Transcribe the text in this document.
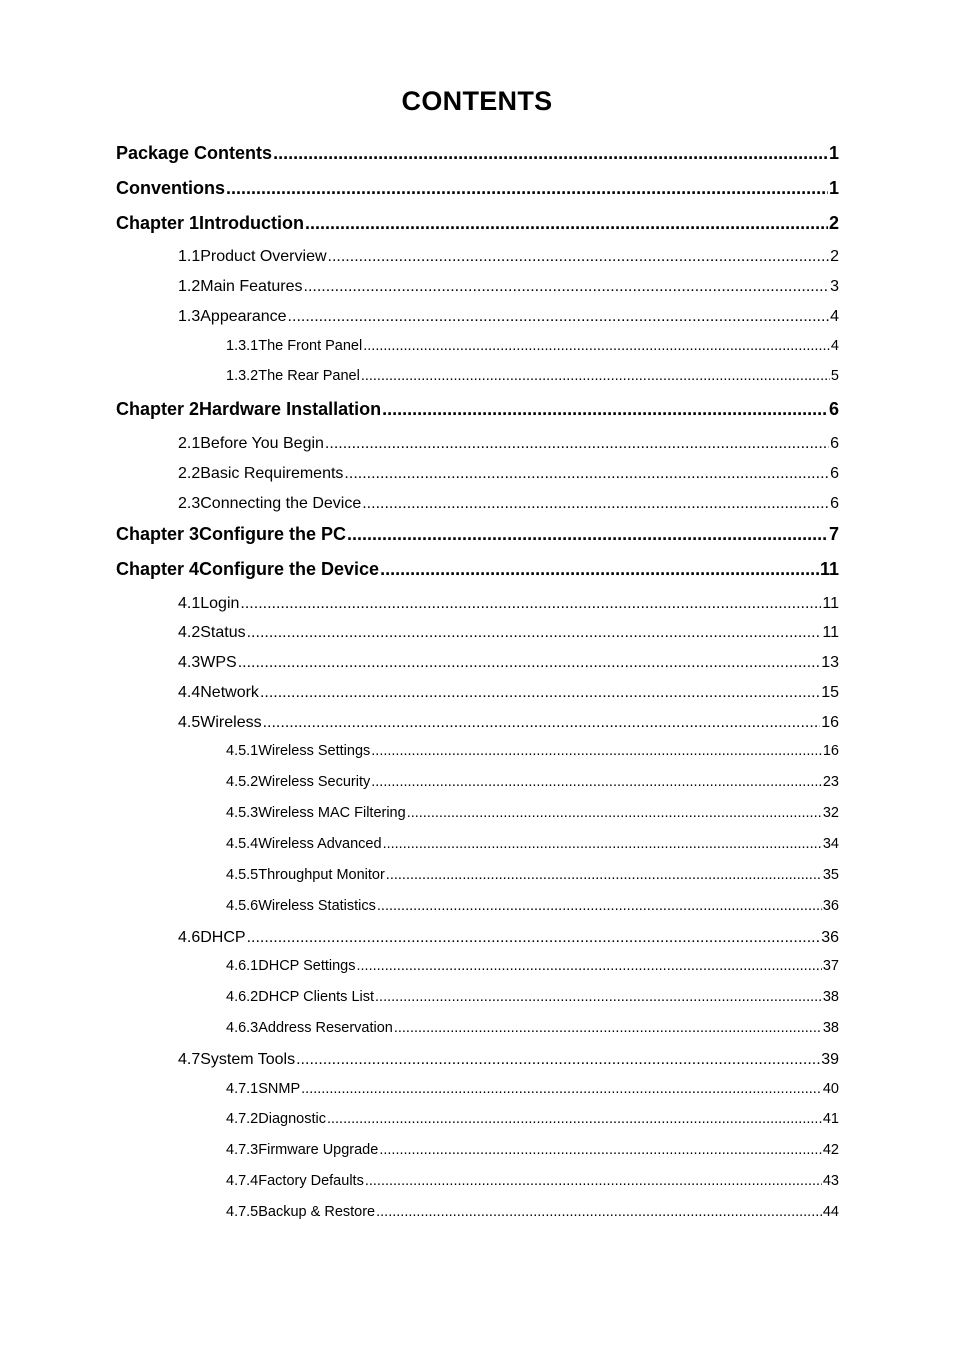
CONTENTS
Package Contents .....	1
Conventions .....	1
Chapter 1 Introduction .....	2
1.1 Product Overview .....	2
1.2 Main Features .....	3
1.3 Appearance .....	4
1.3.1 The Front Panel .....	4
1.3.2 The Rear Panel .....	5
Chapter 2 Hardware Installation .....	6
2.1 Before You Begin .....	6
2.2 Basic Requirements .....	6
2.3 Connecting the Device .....	6
Chapter 3 Configure the PC .....	7
Chapter 4 Configure the Device .....	11
4.1 Login .....	11
4.2 Status .....	11
4.3 WPS .....	13
4.4 Network .....	15
4.5 Wireless .....	16
4.5.1 Wireless Settings .....	16
4.5.2 Wireless Security .....	23
4.5.3 Wireless MAC Filtering .....	32
4.5.4 Wireless Advanced .....	34
4.5.5 Throughput Monitor .....	35
4.5.6 Wireless Statistics .....	36
4.6 DHCP .....	36
4.6.1 DHCP Settings .....	37
4.6.2 DHCP Clients List .....	38
4.6.3 Address Reservation .....	38
4.7 System Tools .....	39
4.7.1 SNMP .....	40
4.7.2 Diagnostic .....	41
4.7.3 Firmware Upgrade .....	42
4.7.4 Factory Defaults .....	43
4.7.5 Backup & Restore .....	44
